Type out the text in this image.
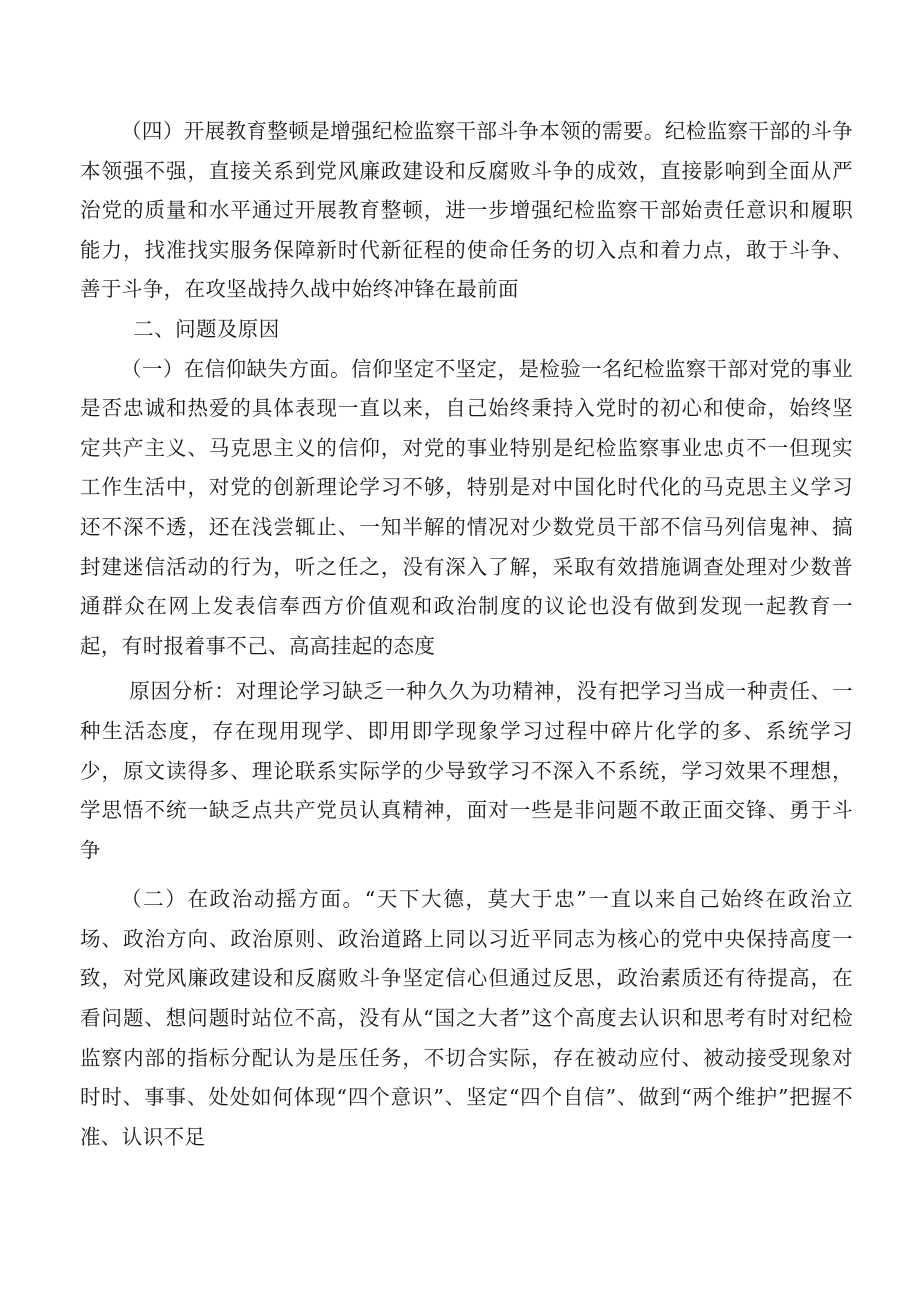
（四）开展教育整顿是增强纪检监察干部斗争本领的需要。纪检监察干部的斗争本领强不强，直接关系到党风廉政建设和反腐败斗争的成效，直接影响到全面从严治党的质量和水平通过开展教育整顿，进一步增强纪检监察干部始责任意识和履职能力，找准找实服务保障新时代新征程的使命任务的切入点和着力点，敢于斗争、善于斗争，在攻坚战持久战中始终冲锋在最前面

二、问题及原因

（一）在信仰缺失方面。信仰坚定不坚定，是检验一名纪检监察干部对党的事业是否忠诚和热爱的具体表现一直以来，自己始终秉持入党时的初心和使命，始终坚定共产主义、马克思主义的信仰，对党的事业特别是纪检监察事业忠贞不一但现实工作生活中，对党的创新理论学习不够，特别是对中国化时代化的马克思主义学习还不深不透，还在浅尝辄止、一知半解的情况对少数党员干部不信马列信鬼神、搞封建迷信活动的行为，听之任之，没有深入了解，采取有效措施调查处理对少数普通群众在网上发表信奉西方价值观和政治制度的议论也没有做到发现一起教育一起，有时报着事不己、高高挂起的态度

原因分析：对理论学习缺乏一种久久为功精神，没有把学习当成一种责任、一种生活态度，存在现用现学、即用即学现象学习过程中碎片化学的多、系统学习少，原文读得多、理论联系实际学的少导致学习不深入不系统，学习效果不理想，学思悟不统一缺乏点共产党员认真精神，面对一些是非问题不敢正面交锋、勇于斗争

（二）在政治动摇方面。“天下大德，莫大于忠”一直以来自己始终在政治立场、政治方向、政治原则、政治道路上同以习近平同志为核心的党中央保持高度一致，对党风廉政建设和反腐败斗争坚定信心但通过反思，政治素质还有待提高，在看问题、想问题时站位不高，没有从“国之大者”这个高度去认识和思考有时对纪检监察内部的指标分配认为是压任务，不切合实际，存在被动应付、被动接受现象对时时、事事、处处如何体现“四个意识”、坚定“四个自信”、做到“两个维护”把握不准、认识不足
